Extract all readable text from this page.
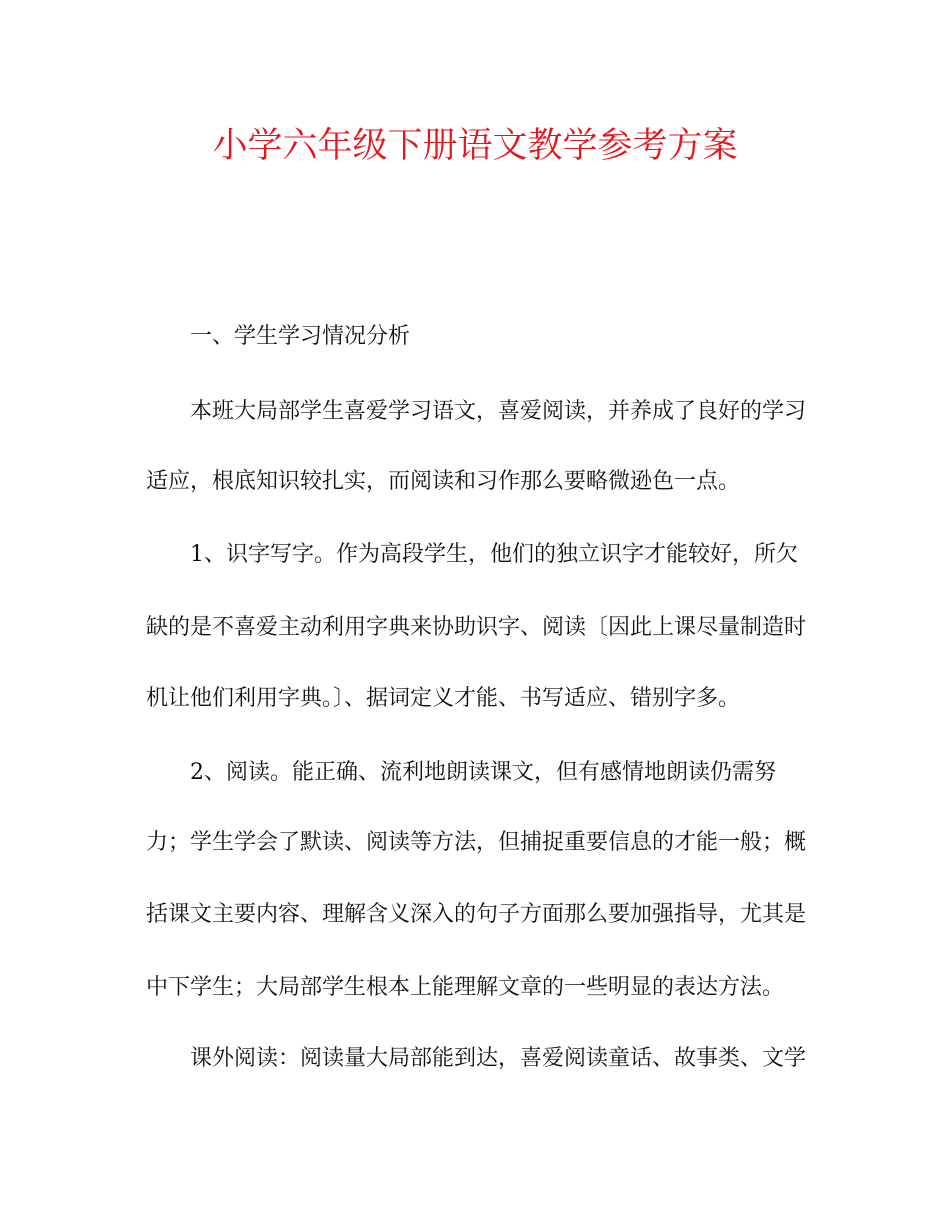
小学六年级下册语文教学参考方案
一、学生学习情况分析
本班大局部学生喜爱学习语文，喜爱阅读，并养成了良好的学习
适应，根底知识较扎实，而阅读和习作那么要略微逊色一点。
1、识字写字。作为高段学生，他们的独立识字才能较好，所欠
缺的是不喜爱主动利用字典来协助识字、阅读〔因此上课尽量制造时
机让他们利用字典。〕、据词定义才能、书写适应、错别字多。
2、阅读。能正确、流利地朗读课文，但有感情地朗读仍需努
力；学生学会了默读、阅读等方法，但捕捉重要信息的才能一般；概
括课文主要内容、理解含义深入的句子方面那么要加强指导，尤其是
中下学生；大局部学生根本上能理解文章的一些明显的表达方法。
课外阅读：阅读量大局部能到达，喜爱阅读童话、故事类、文学
